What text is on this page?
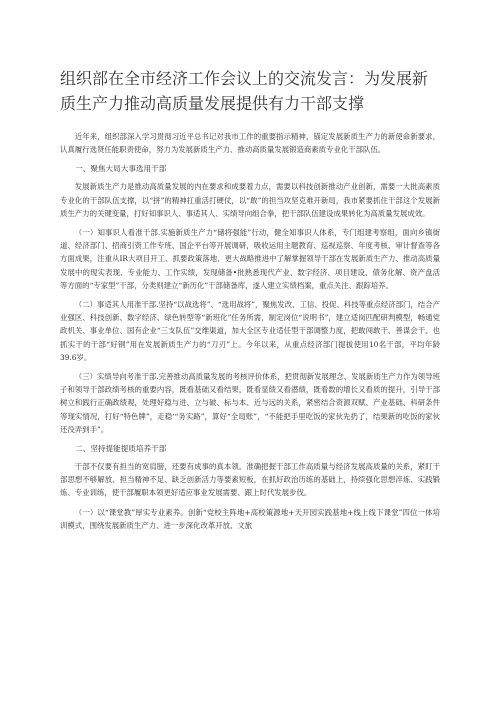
组织部在全市经济工作会议上的交流发言：为发展新质生产力推动高质量发展提供有力干部支撑

近年来，组织部深入学习贯彻习近平总书记对我市工作的重要指示精神，锚定发展新质生产力的新使命新要求，认真履行选贤任能职责使命，努力为发展新质生产力、推动高质量发展锻造商素质专业化干部队伍。

一、聚焦大局大事选用干部

发展新质生产力是推动高质量发展的内在要求和成要着力点，需要以科技创新推动产业创新，需要一大批高素质专业化的干部队伍支撑，以“拼”的精神扛重活打硬仗，以“敢”的担当攻坚克难开新局，我市紧要抓住干部这个发展新质生产力的关键变量，打好知事识人、事适其人、实绩导向组合拳，把干部队伍建设成果转化为高质量发展成效。

（一）知事识人看准干部.实施新质生产力“储将强能”行动，健全知事识人体系，专门组建考察组，面向乡镇街道、经济部门、招商引资工作专班、国企平台等开展调研，吸收运用主题教育、巡视巡察、年度考核、审计督查等各方面成果，注重从IR大项目开工、抓要政策落地、更大战略推进中了解掌握领导干部在发展新质生产力、推动高质量发展中的现实表现、专业能力、工作实绩，发现储备•批熟悉现代产业、数字经济、项目建设、债务化解、资产盘活等方面的“专家型”干部，分类则建立“新历化”干部储备库，遂人建立实绩档案，重点关注、跟踪培养。

（二）事适其人用准干部.坚持“以战选将”、“选用战将”，聚焦发改、工信、投促、科技等重点经济部门，结合产业强区、科技创新、数字经济、绿色转型等“新班化”任务所需，制定岗位“说明书”，建立适岗匹配研判模型，畅通党政机关、事业单位、国有企业“三支队伍”交维渠道，加大全区专业适任型干部调整力度，把敢闯敢干、善谋会干、也抓实干的干部“好钢”用在发展新质生产力的“刀刃”上。今年以来，从重点经济部门提拔使用10名干部，平均年龄39.6岁。

（三）实绩导向考准干部.完善推动高质量发展的考核评价体系，把贯彻新发展理念、发展新质生产力作为领导班子和领导干部政绩考核的重要内容，既看基础又看结果，既看显绩又看潜绩，既看数的增长又看质的提升，引导干部树立和践行正确政绩观，处理好稳与进、立与破、标与本、近与远的关系，紧密结合资源双赋、产业基础、科研条件等现实情况，打好“特色牌”，走稳‘“务实路”，算好“全局账”，“不能把手里吃饭的家伙先扔了，结果新的吃饭的家伙还没弄到手”。

二、坚持提能提质培养干部

干部不仅要有担当的宽肩膀，还要有成事的真本领。准确把握干部工作高质量与经济发展高质量的关系，紧盯干部思想不够解放、担当精神不足、缺乏创新活力等要素短板，在抓好政治历练的基础上，持续强化思想淬炼、实践锻炼、专业训练，使干部履职本领更好适应事业发展需要、跟上时代发展步伐。

（一）以“课堂教”厚实专业素养。创新“党校主阵地+高校策源地+天开园实践基地+线上线下课堂”四位一体培训模式，围绕发展新质生产力、进一步深化改革开放、文旅
